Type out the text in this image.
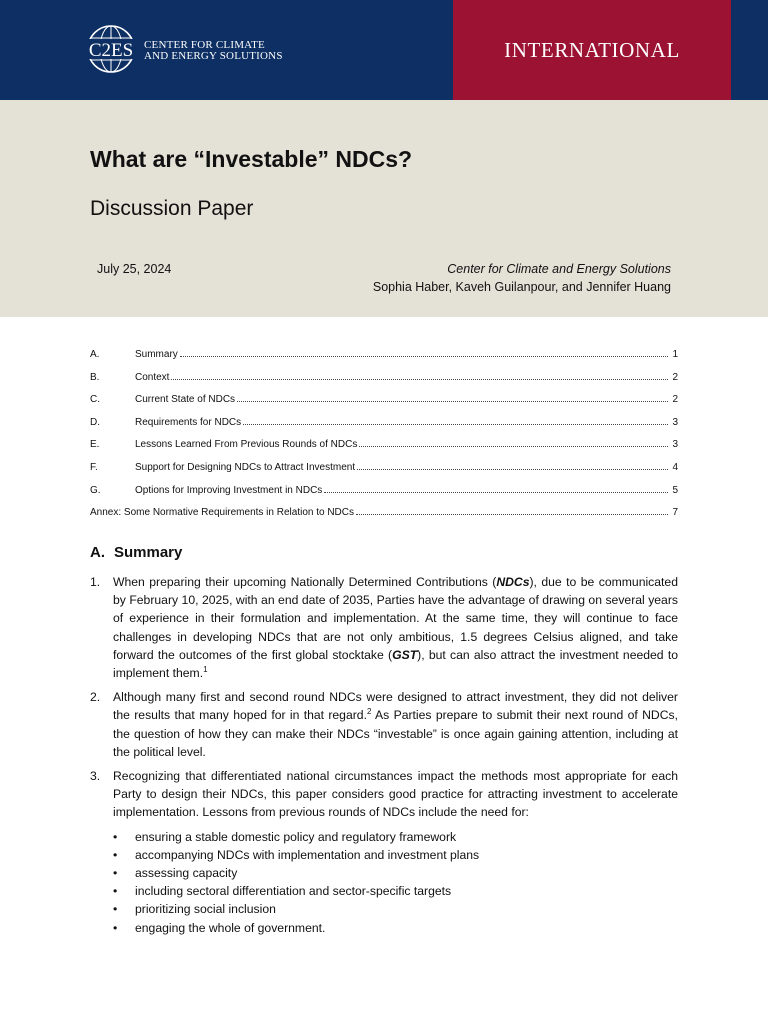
C2ES CENTER FOR CLIMATE
AND ENERGY SOLUTIONS	INTERNATIONAL
What are “Investable” NDCs?
Discussion Paper
July 25, 2024	Center for Climate and Energy Solutions
Sophia Haber, Kaveh Guilanpour, and Jennifer Huang
A.	Summary	1
B.	Context	2
C.	Current State of NDCs	2
D.	Requirements for NDCs	3
E.	Lessons Learned From Previous Rounds of NDCs	3
F.	Support for Designing NDCs to Attract Investment	4
G.	Options for Improving Investment in NDCs	5
Annex: Some Normative Requirements in Relation to NDCs	7
A. Summary
1.	When preparing their upcoming Nationally Determined Contributions (NDCs), due to be communicated by February 10, 2025, with an end date of 2035, Parties have the advantage of drawing on several years of experience in their formulation and implementation. At the same time, they will continue to face challenges in developing NDCs that are not only ambitious, 1.5 degrees Celsius aligned, and take forward the outcomes of the first global stocktake (GST), but can also attract the investment needed to implement them.$^1$
2.	Although many first and second round NDCs were designed to attract investment, they did not deliver the results that many hoped for in that regard.$^2$ As Parties prepare to submit their next round of NDCs, the question of how they can make their NDCs “investable” is once again gaining attention, including at the political level.
3.	Recognizing that differentiated national circumstances impact the methods most appropriate for each Party to design their NDCs, this paper considers good practice for attracting investment to accelerate implementation. Lessons from previous rounds of NDCs include the need for:
• ensuring a stable domestic policy and regulatory framework
• accompanying NDCs with implementation and investment plans
• assessing capacity
• including sectoral differentiation and sector-specific targets
• prioritizing social inclusion
• engaging the whole of government.
